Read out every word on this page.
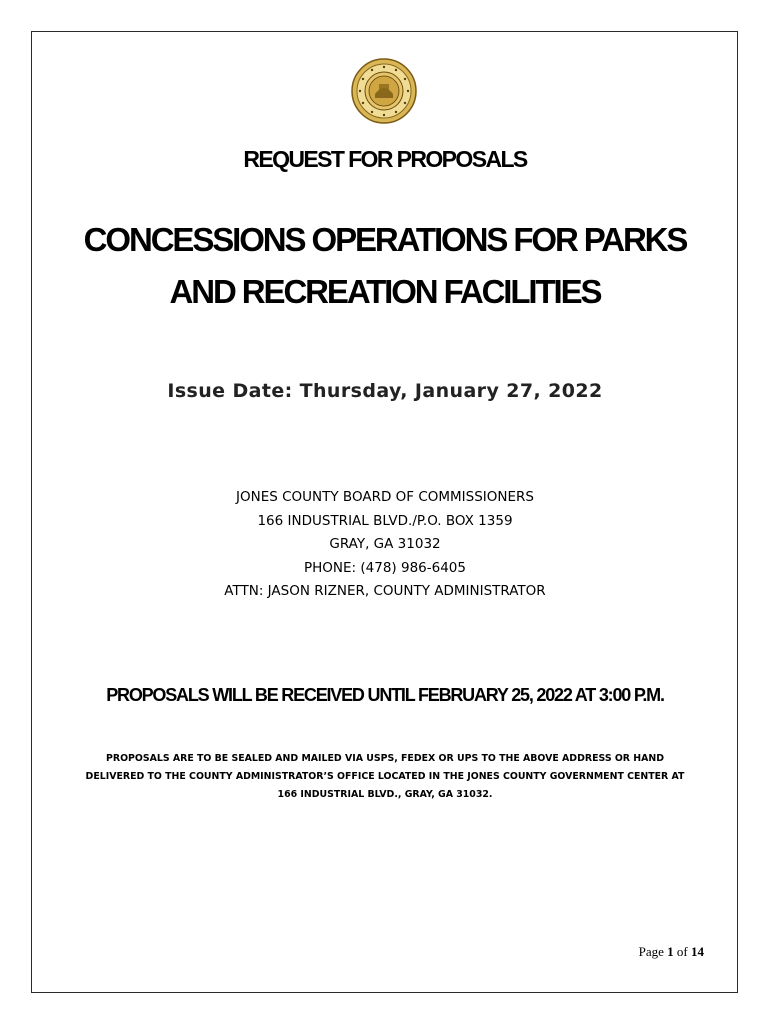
REQUEST FOR PROPOSALS
CONCESSIONS OPERATIONS FOR PARKS
AND RECREATION FACILITIES
Issue Date: Thursday, January 27, 2022
JONES COUNTY BOARD OF COMMISSIONERS
166 INDUSTRIAL BLVD./P.O. BOX 1359
GRAY, GA 31032
PHONE: (478) 986-6405
ATTN: JASON RIZNER, COUNTY ADMINISTRATOR
PROPOSALS WILL BE RECEIVED UNTIL FEBRUARY 25, 2022 AT 3:00 P.M.
PROPOSALS ARE TO BE SEALED AND MAILED VIA USPS, FEDEX OR UPS TO THE ABOVE ADDRESS OR HAND
DELIVERED TO THE COUNTY ADMINISTRATOR’S OFFICE LOCATED IN THE JONES COUNTY GOVERNMENT CENTER AT
166 INDUSTRIAL BLVD., GRAY, GA 31032.
Page 1 of 14
